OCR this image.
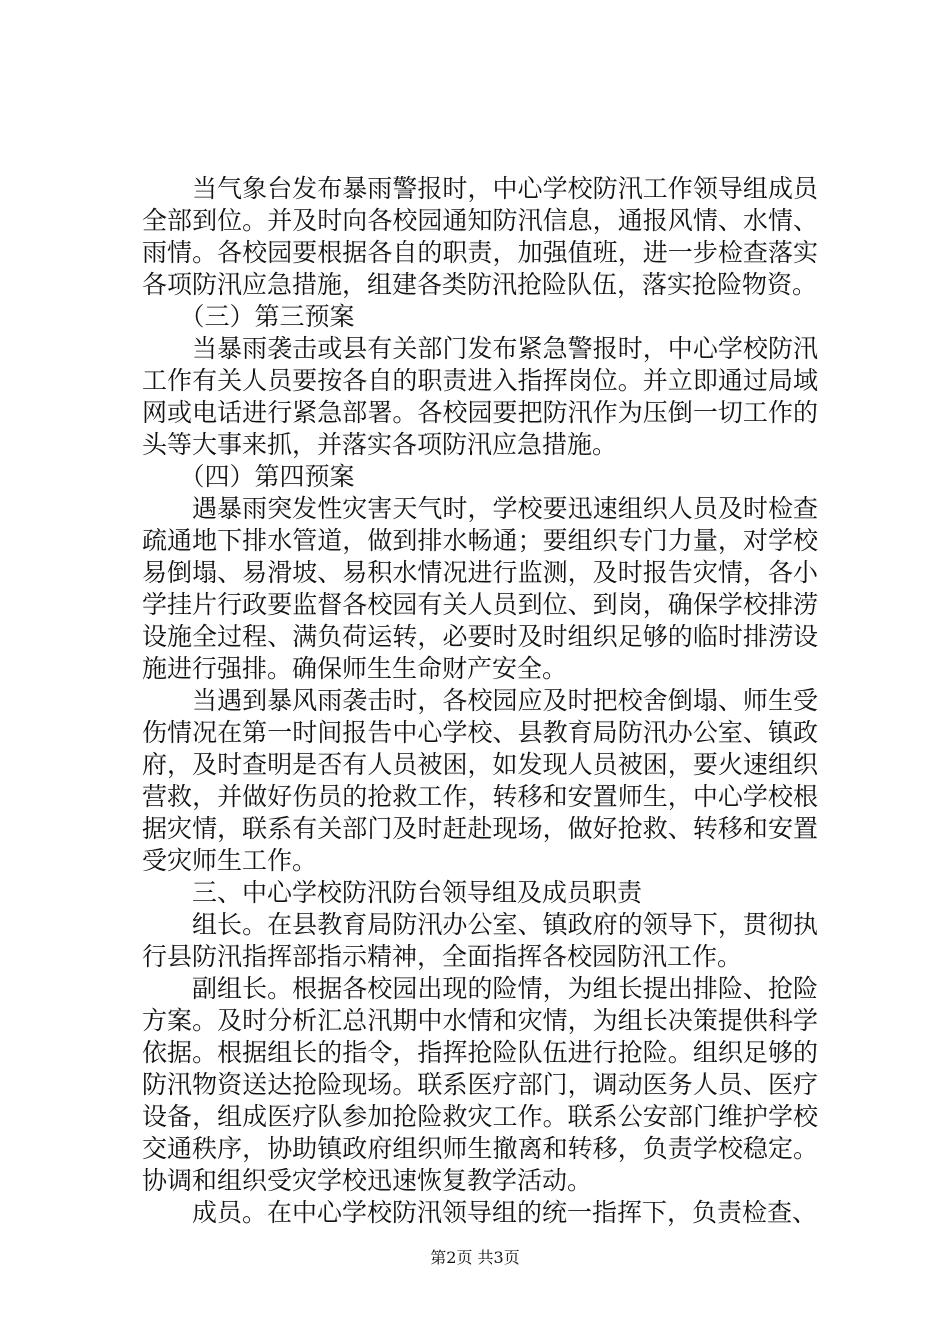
当气象台发布暴雨警报时，中心学校防汛工作领导组成员全部到位。并及时向各校园通知防汛信息，通报风情、水情、雨情。各校园要根据各自的职责，加强值班，进一步检查落实各项防汛应急措施，组建各类防汛抢险队伍，落实抢险物资。

（三）第三预案

当暴雨袭击或县有关部门发布紧急警报时，中心学校防汛工作有关人员要按各自的职责进入指挥岗位。并立即通过局域网或电话进行紧急部署。各校园要把防汛作为压倒一切工作的头等大事来抓，并落实各项防汛应急措施。

（四）第四预案

遇暴雨突发性灾害天气时，学校要迅速组织人员及时检查疏通地下排水管道，做到排水畅通；要组织专门力量，对学校易倒塌、易滑坡、易积水情况进行监测，及时报告灾情，各小学挂片行政要监督各校园有关人员到位、到岗，确保学校排涝设施全过程、满负荷运转，必要时及时组织足够的临时排涝设施进行强排。确保师生生命财产安全。

当遇到暴风雨袭击时，各校园应及时把校舍倒塌、师生受伤情况在第一时间报告中心学校、县教育局防汛办公室、镇政府，及时查明是否有人员被困，如发现人员被困，要火速组织营救，并做好伤员的抢救工作，转移和安置师生，中心学校根据灾情，联系有关部门及时赶赴现场，做好抢救、转移和安置受灾师生工作。

三、中心学校防汛防台领导组及成员职责

组长。在县教育局防汛办公室、镇政府的领导下，贯彻执行县防汛指挥部指示精神，全面指挥各校园防汛工作。

副组长。根据各校园出现的险情，为组长提出排险、抢险方案。及时分析汇总汛期中水情和灾情，为组长决策提供科学依据。根据组长的指令，指挥抢险队伍进行抢险。组织足够的防汛物资送达抢险现场。联系医疗部门，调动医务人员、医疗设备，组成医疗队参加抢险救灾工作。联系公安部门维护学校交通秩序，协助镇政府组织师生撤离和转移，负责学校稳定。协调和组织受灾学校迅速恢复教学活动。

成员。在中心学校防汛领导组的统一指挥下，负责检查、

第2页 共3页
